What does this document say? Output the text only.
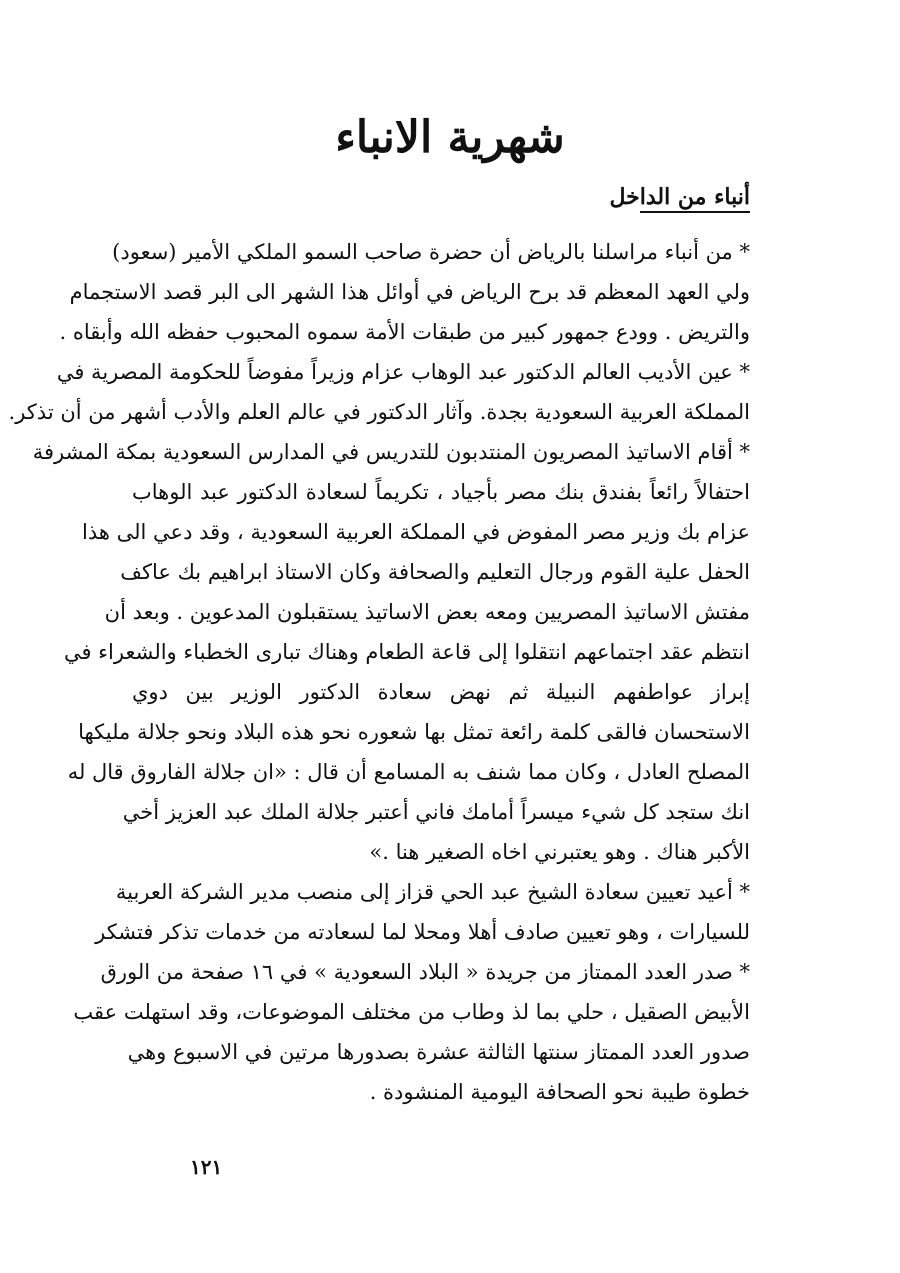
شهرية الانباء
أنباء من الداخل
* من أنباء مراسلنا بالرياض أن حضرة صاحب السمو الملكي الأمير (سعود)
ولي العهد المعظم قد برح الرياض في أوائل هذا الشهر الى البر قصد الاستجمام
والتريض . وودع جمهور كبير من طبقات الأمة سموه المحبوب حفظه الله وأبقاه .
* عين الأديب العالم الدكتور عبد الوهاب عزام وزيراً مفوضاً للحكومة المصرية في
المملكة العربية السعودية بجدة. وآثار الدكتور في عالم العلم والأدب أشهر من أن تذكر.
* أقام الاساتيذ المصريون المنتدبون للتدريس في المدارس السعودية بمكة المشرفة
احتفالاً رائعاً بفندق بنك مصر بأجياد ، تكريماً لسعادة الدكتور عبد الوهاب
عزام بك وزير مصر المفوض في المملكة العربية السعودية ، وقد دعي الى هذا
الحفل علية القوم ورجال التعليم والصحافة وكان الاستاذ ابراهيم بك عاكف
مفتش الاساتيذ المصريين ومعه بعض الاساتيذ يستقبلون المدعوين . وبعد أن
انتظم عقد اجتماعهم انتقلوا إلى قاعة الطعام وهناك تبارى الخطباء والشعراء في
إبراز عواطفهم النبيلة ثم نهض سعادة الدكتور الوزير بين دوي
الاستحسان فالقى كلمة رائعة تمثل بها شعوره نحو هذه البلاد ونحو جلالة مليكها
المصلح العادل ، وكان مما شنف به المسامع أن قال : «ان جلالة الفاروق قال له
انك ستجد كل شيء ميسراً أمامك فاني أعتبر جلالة الملك عبد العزيز أخي
الأكبر هناك . وهو يعتبرني اخاه الصغير هنا .»
* أعيد تعيين سعادة الشيخ عبد الحي قزاز إلى منصب مدير الشركة العربية
للسيارات ، وهو تعيين صادف أهلا ومحلا لما لسعادته من خدمات تذكر فتشكر
* صدر العدد الممتاز من جريدة « البلاد السعودية » في ١٦ صفحة من الورق
الأبيض الصقيل ، حلي بما لذ وطاب من مختلف الموضوعات، وقد استهلت عقب
صدور العدد الممتاز سنتها الثالثة عشرة بصدورها مرتين في الاسبوع وهي
خطوة طيبة نحو الصحافة اليومية المنشودة .
١٢١
